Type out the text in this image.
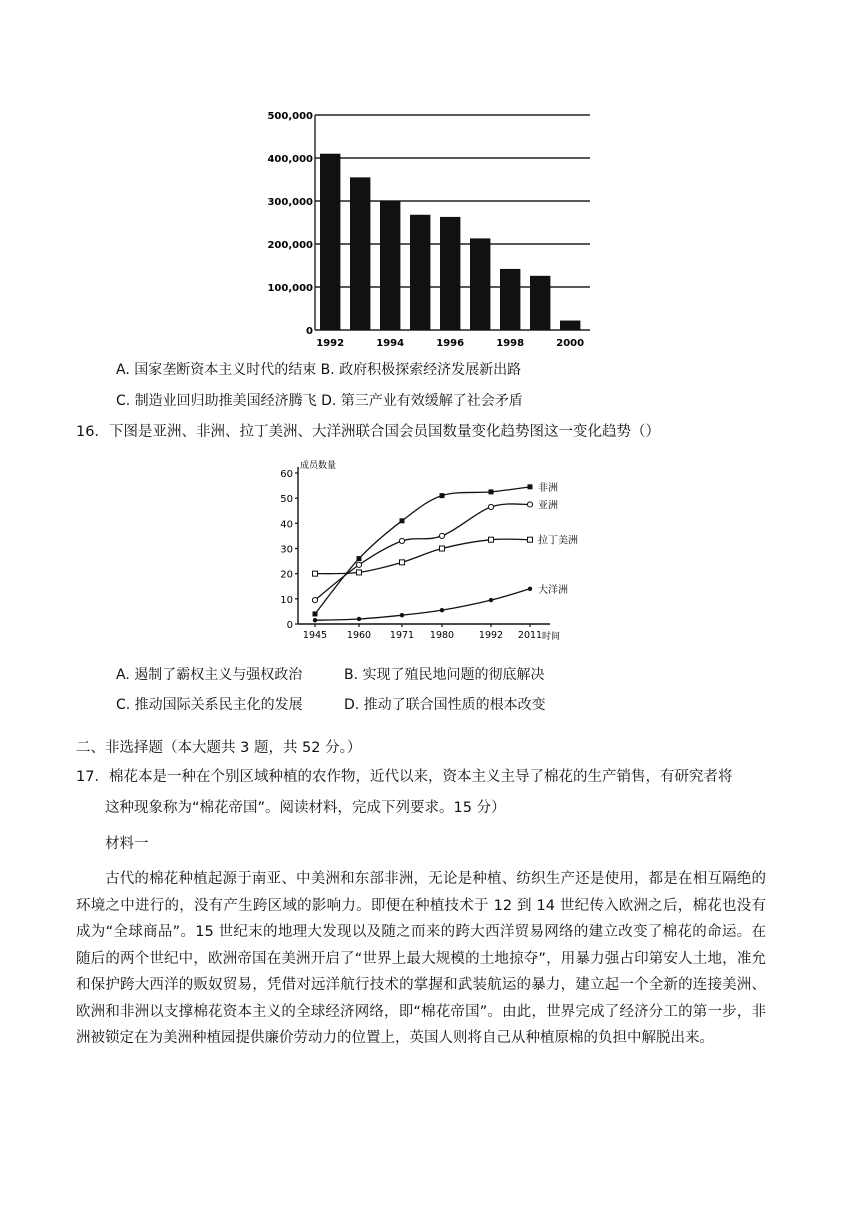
0
100,000
200,000
300,000
400,000
500,000
1992	1994	1996	1998	2000
A. 国家垄断资本主义时代的结束 B. 政府积极探索经济发展新出路
C. 制造业回归助推美国经济腾飞 D. 第三产业有效缓解了社会矛盾
16．下图是亚洲、非洲、拉丁美洲、大洋洲联合国会员国数量变化趋势图这一变化趋势（）
成员数量
时间
0
10
20
30
40
50
60
1945 1960 1971 1980	1992 2011
非洲
亚洲
拉丁美洲
大洋洲
A. 遏制了霸权主义与强权政治	B. 实现了殖民地问题的彻底解决
C. 推动国际关系民主化的发展	D. 推动了联合国性质的根本改变
二、非选择题（本大题共 3 题，共 52 分。）
17．棉花本是一种在个别区域种植的农作物，近代以来，资本主义主导了棉花的生产销售，有研究者将
这种现象称为“棉花帝国”。阅读材料，完成下列要求。15 分）
材料一

古代的棉花种植起源于南亚、中美洲和东部非洲，无论是种植、纺织生产还是使用，都是在相互隔绝的环境之中进行的，没有产生跨区域的影响力。即便在种植技术于 12 到 14 世纪传入欧洲之后，棉花也没有成为“全球商品”。15 世纪末的地理大发现以及随之而来的跨大西洋贸易网络的建立改变了棉花的命运。在随后的两个世纪中，欧洲帝国在美洲开启了“世界上最大规模的土地掠夺”，用暴力强占印第安人土地，准允和保护跨大西洋的贩奴贸易，凭借对远洋航行技术的掌握和武装航运的暴力，建立起一个全新的连接美洲、欧洲和非洲以支撑棉花资本主义的全球经济网络，即“棉花帝国”。由此，世界完成了经济分工的第一步，非洲被锁定在为美洲种植园提供廉价劳动力的位置上，英国人则将自己从种植原棉的负担中解脱出来。
